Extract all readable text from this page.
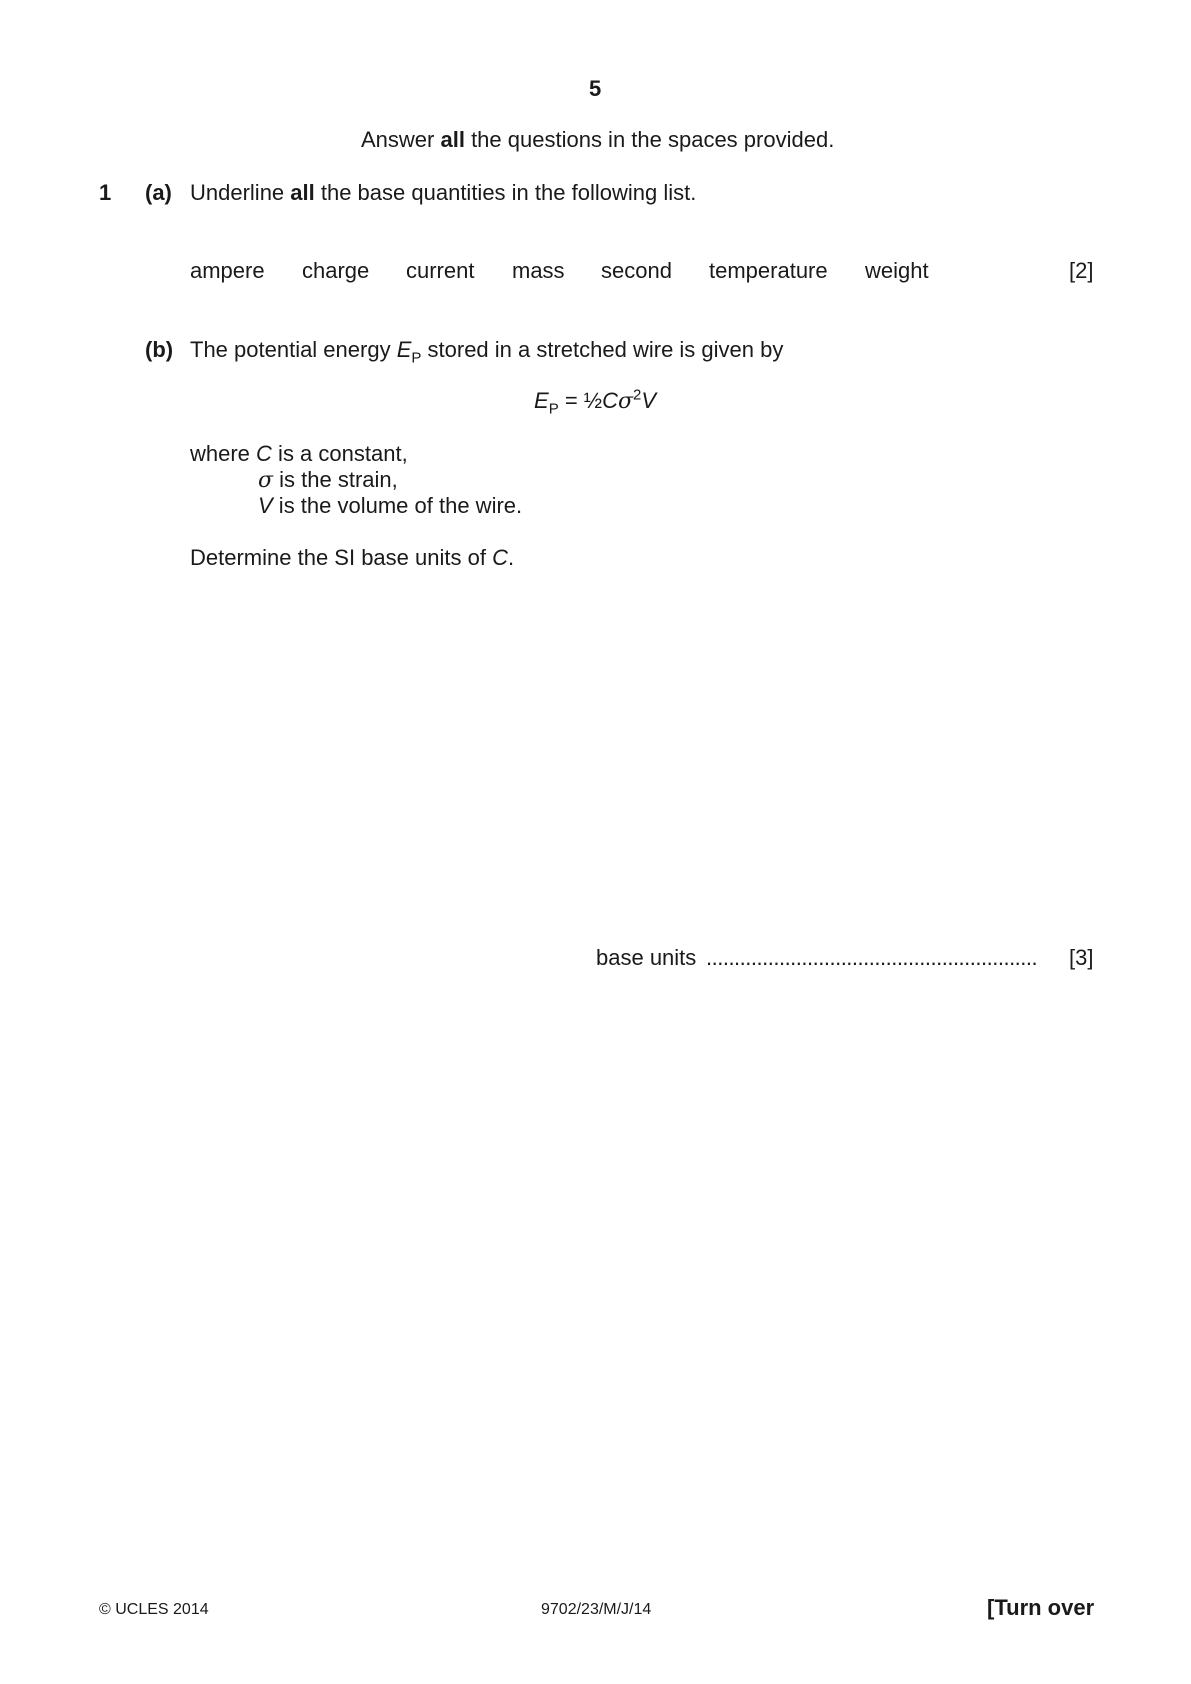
5
Answer all the questions in the spaces provided.
1 (a) Underline all the base quantities in the following list.
ampere charge current mass second temperature weight	[2]
(b) The potential energy $E_P$ stored in a stretched wire is given by
$E_P$ = $\frac{1}{2}C\sigma^2V$
where C is a constant,
σ is the strain,
V is the volume of the wire.
Determine the SI base units of C.
base units ...........................................................	[3]
© UCLES 2014	9702/23/M/J/14	[Turn over
